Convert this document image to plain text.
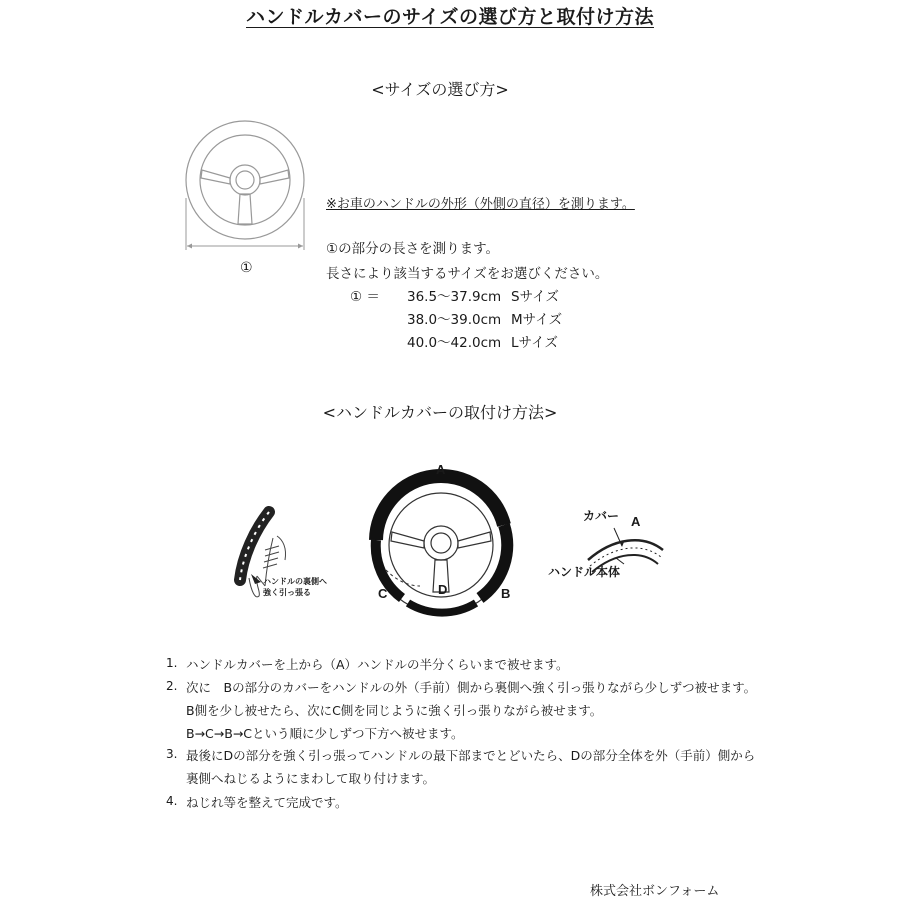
ハンドルカバーのサイズの選び方と取付け方法
<サイズの選び方>
①
※お車のハンドルの外形（外側の直径）を測ります。
①の部分の長さを測ります。
長さにより該当するサイズをお選びください。
① ＝ 36.5～37.9cm Sサイズ
38.0～39.0cm Mサイズ
40.0～42.0cm Lサイズ
<ハンドルカバーの取付け方法>
ハンドルの裏側へ
強く引っ張る
A
C	D	B
カバー A
ハンドル本体
1. ハンドルカバーを上から（A）ハンドルの半分くらいまで被せます。
2. 次に　Bの部分のカバーをハンドルの外（手前）側から裏側へ強く引っ張りながら少しずつ被せます。
B側を少し被せたら、次にC側を同じように強く引っ張りながら被せます。
B→C→B→Cという順に少しずつ下方へ被せます。
3. 最後にDの部分を強く引っ張ってハンドルの最下部までとどいたら、Dの部分全体を外（手前）側から
裏側へねじるようにまわして取り付けます。
4. ねじれ等を整えて完成です。
株式会社ボンフォーム
